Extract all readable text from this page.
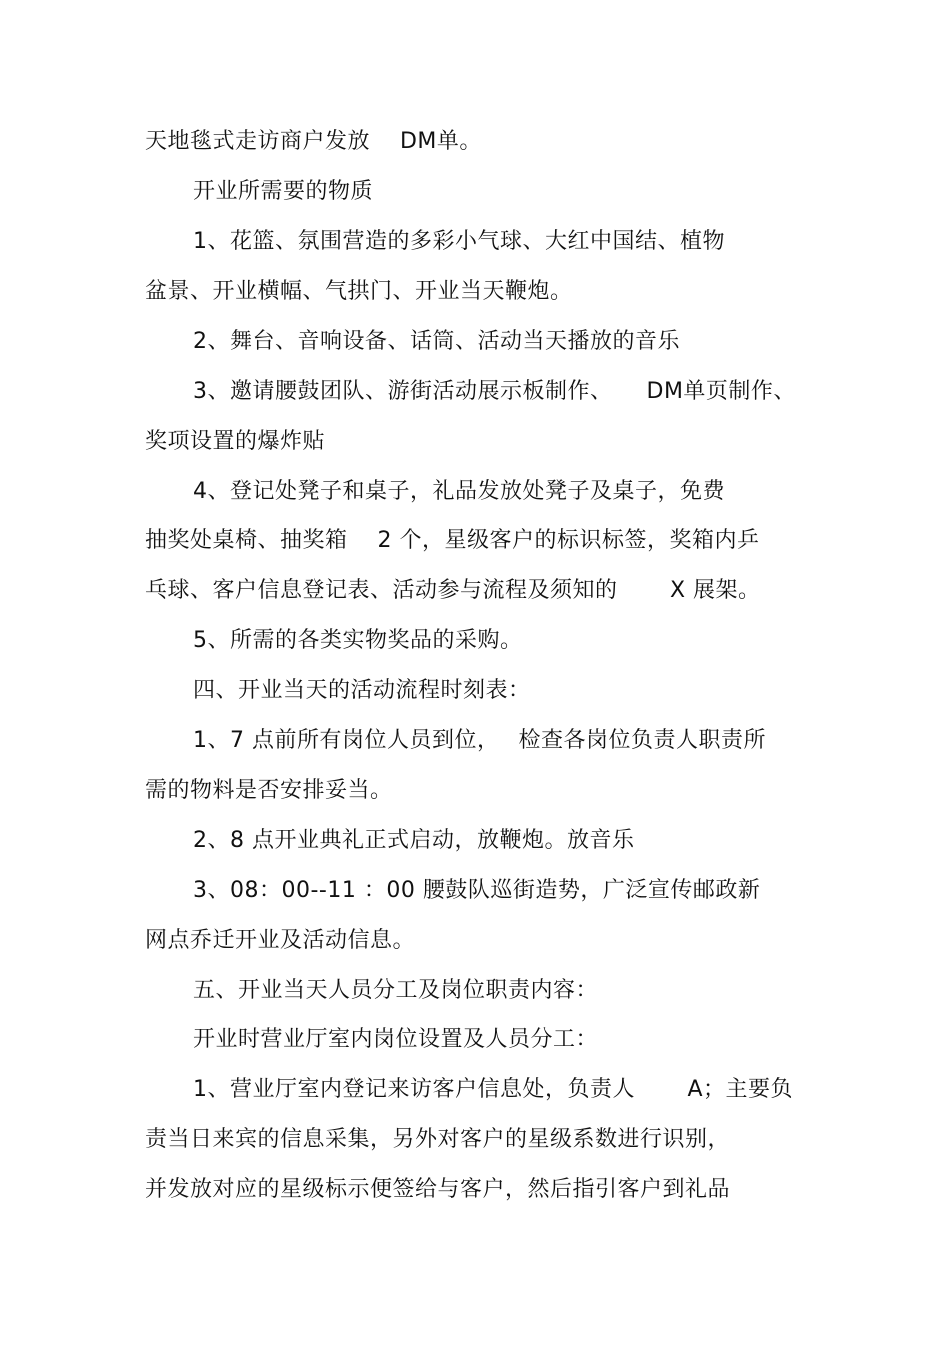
天地毯式走访商户发放　 DM单。
开业所需要的物质
1、花篮、氛围营造的多彩小气球、大红中国结、植物
盆景、开业横幅、气拱门、开业当天鞭炮。
2、舞台、音响设备、话筒、活动当天播放的音乐
3、邀请腰鼓团队、游街活动展示板制作、　　DM单页制作、
奖项设置的爆炸贴
4、登记处凳子和桌子，礼品发放处凳子及桌子，免费
抽奖处桌椅、抽奖箱　 2 个，星级客户的标识标签，奖箱内乒
乓球、客户信息登记表、活动参与流程及须知的　　 X 展架。
5、所需的各类实物奖品的采购。
四、开业当天的活动流程时刻表：
1、7 点前所有岗位人员到位，　 检查各岗位负责人职责所
需的物料是否安排妥当。
2、8 点开业典礼正式启动，放鞭炮。放音乐
3、08：00--11 ：00 腰鼓队巡街造势，广泛宣传邮政新
网点乔迁开业及活动信息。
五、开业当天人员分工及岗位职责内容：
开业时营业厅室内岗位设置及人员分工：
1、营业厅室内登记来访客户信息处，负责人　　 A；主要负
责当日来宾的信息采集，另外对客户的星级系数进行识别，
并发放对应的星级标示便签给与客户，然后指引客户到礼品
